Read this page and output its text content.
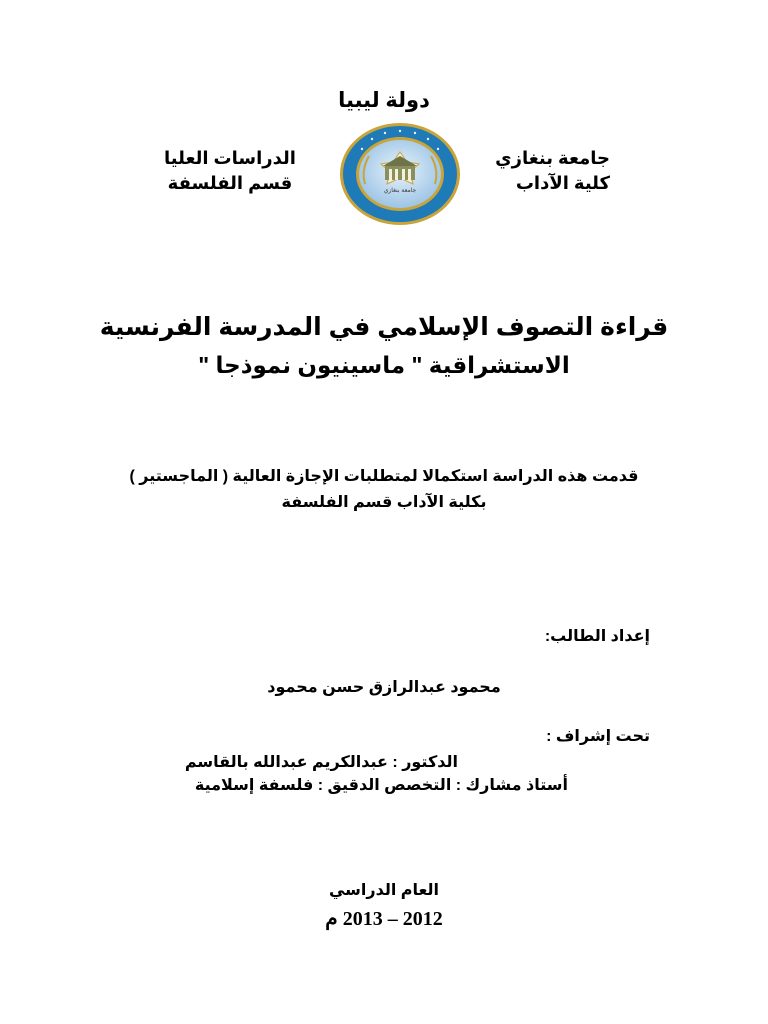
دولة ليبيا
جامعة بنغازي
كلية الآداب
الدراسات العليا
قسم الفلسفة	جامعة بنغازي
قراءة التصوف الإسلامي في المدرسة الفرنسية
الاستشراقية " ماسينيون نموذجا "
قدمت هذه الدراسة استكمالا لمتطلبات الإجازة العالية ( الماجستير )
بكلية الآداب قسم الفلسفة
إعداد الطالب:
محمود عبدالرازق حسن محمود
تحت إشراف :
الدكتور : عبدالكريم عبدالله بالقاسم
أستاذ مشارك : التخصص الدقيق : فلسفة إسلامية
العام الدراسي
2012 – 2013 م
